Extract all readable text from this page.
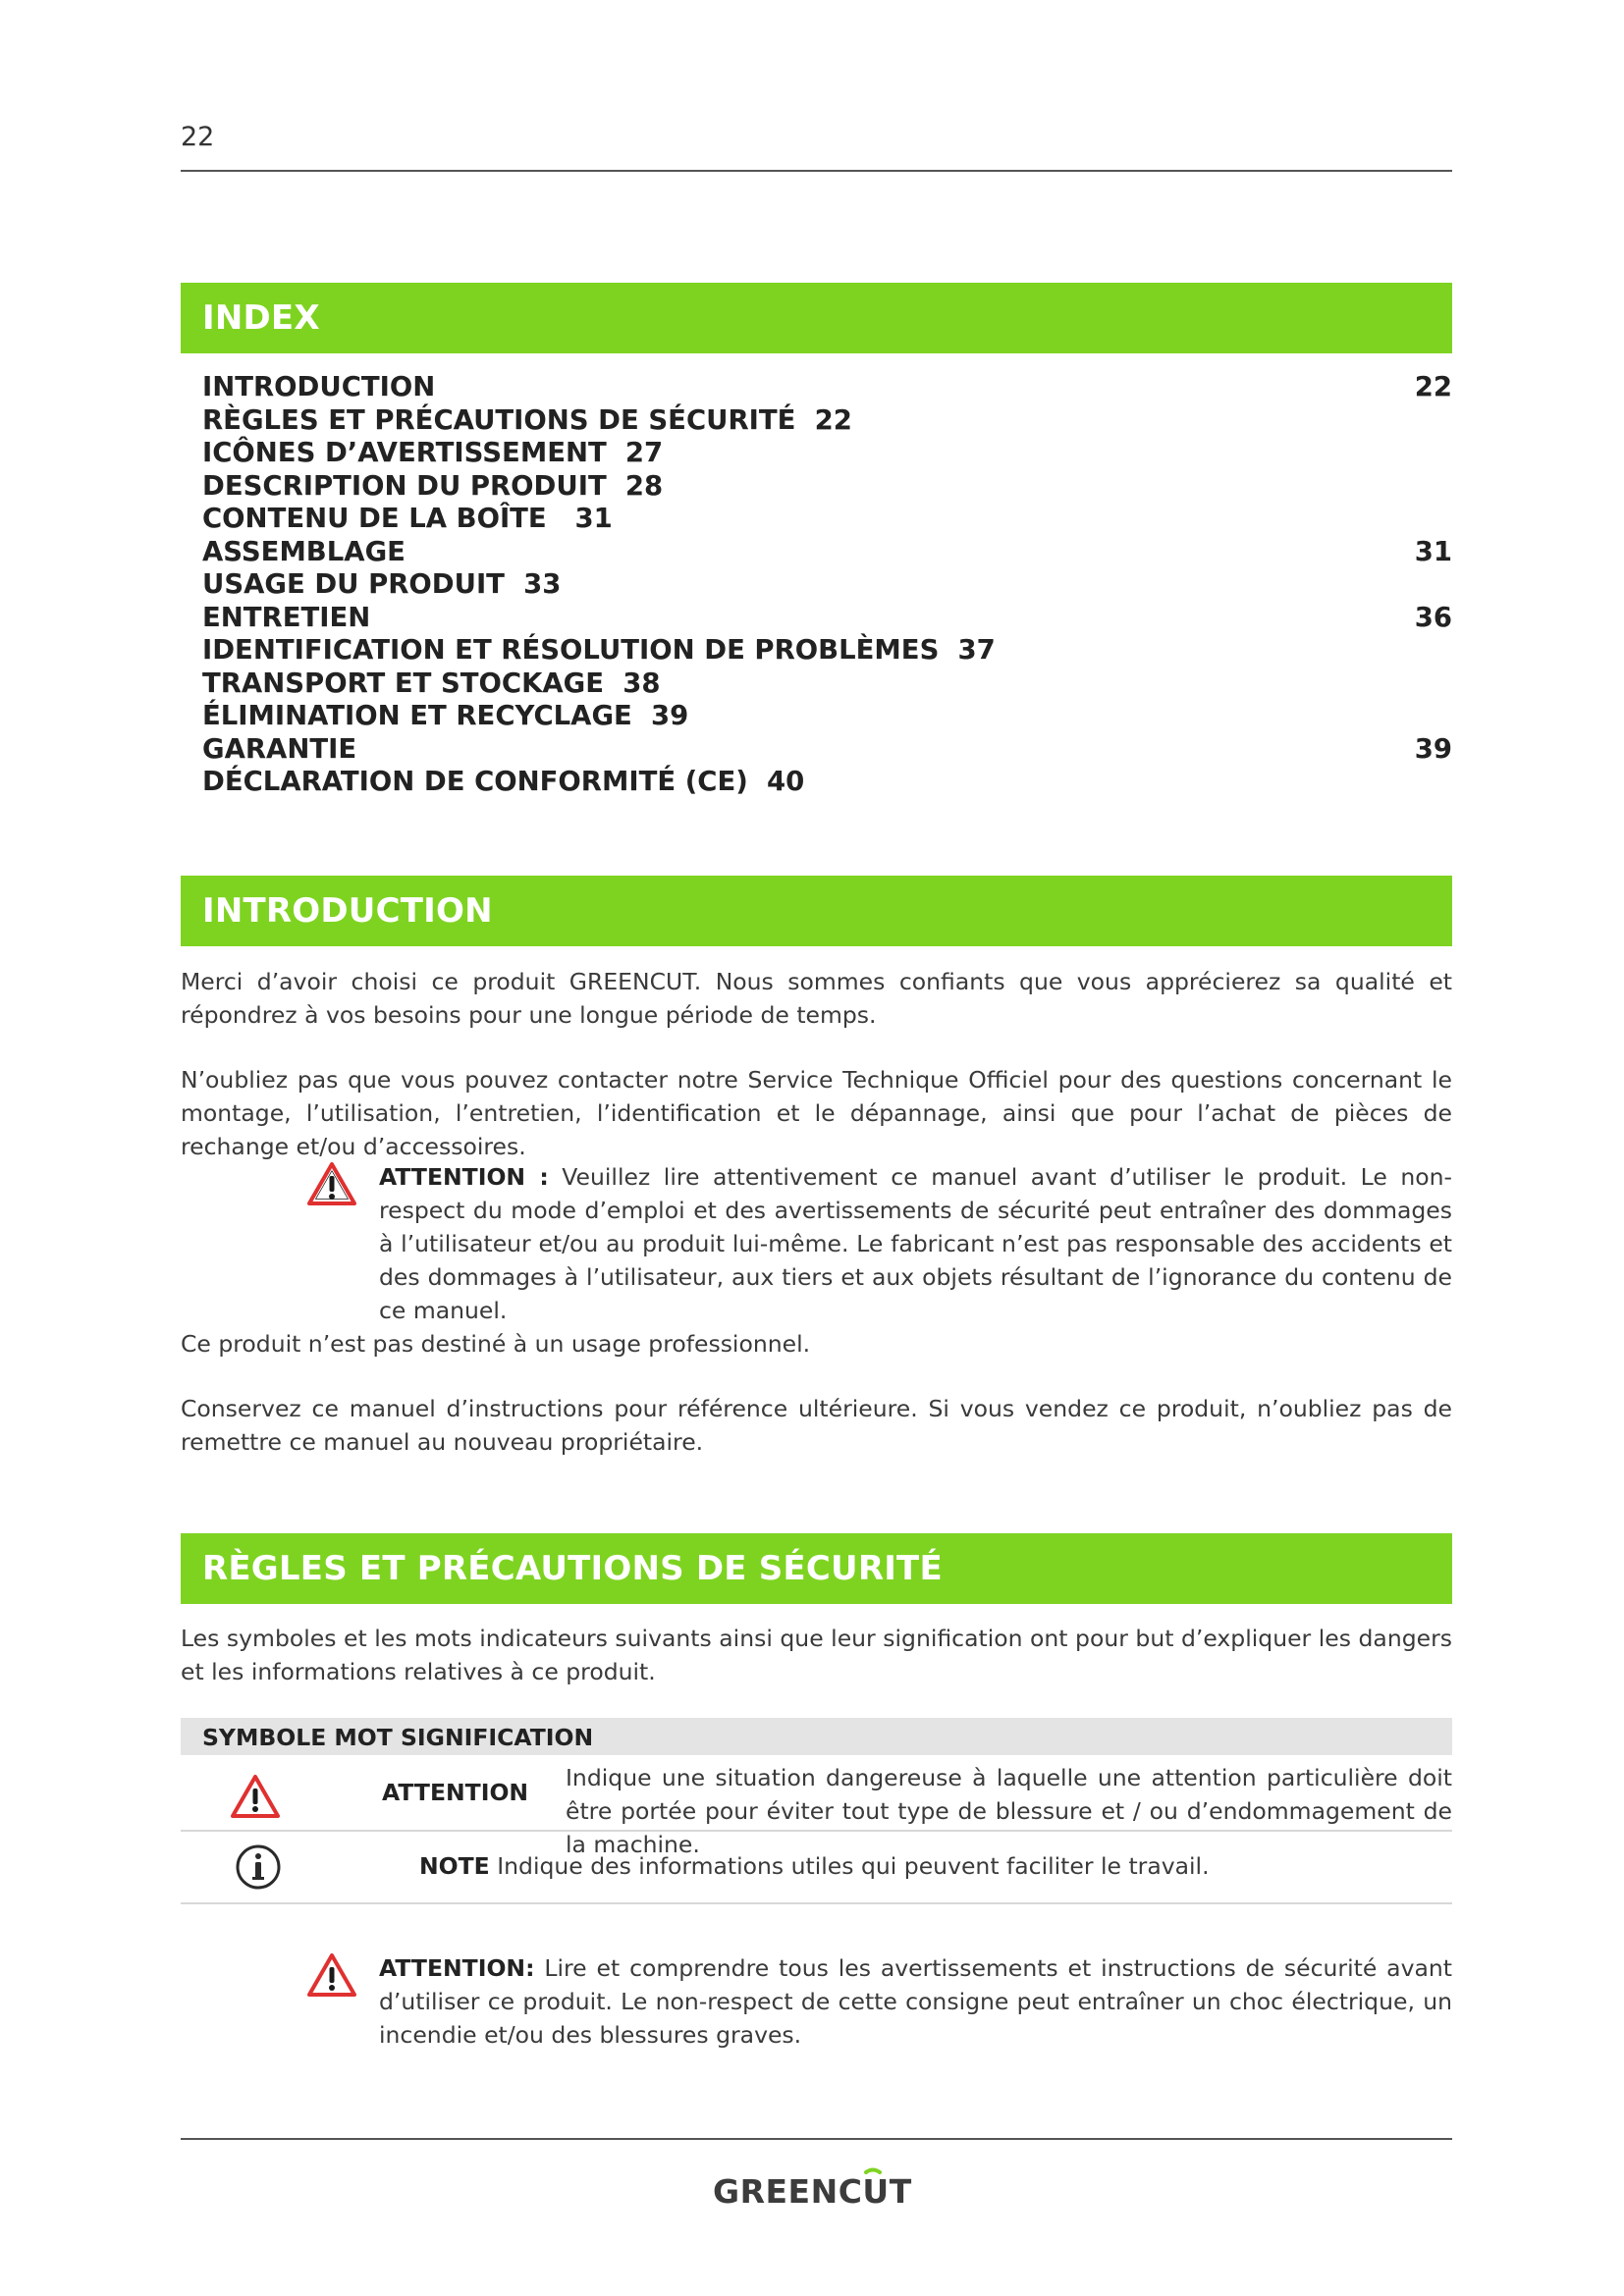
22
INDEX
INTRODUCTION	22
RÈGLES ET PRÉCAUTIONS DE SÉCURITÉ 22
ICÔNES D’AVERTISSEMENT 27
DESCRIPTION DU PRODUIT 28
CONTENU DE LA BOÎTE 31
ASSEMBLAGE	31
USAGE DU PRODUIT 33
ENTRETIEN	36
IDENTIFICATION ET RÉSOLUTION DE PROBLÈMES 37
TRANSPORT ET STOCKAGE 38
ÉLIMINATION ET RECYCLAGE 39
GARANTIE	39
DÉCLARATION DE CONFORMITÉ (CE) 40
INTRODUCTION
Merci d’avoir choisi ce produit GREENCUT. Nous sommes confiants que vous apprécierez sa qualité et répondrez à vos besoins pour une longue période de temps.
N’oubliez pas que vous pouvez contacter notre Service Technique Officiel pour des questions concernant le montage, l’utilisation, l’entretien, l’identification et le dépannage, ainsi que pour l’achat de pièces de rechange et/ou d’accessoires.
ATTENTION : Veuillez lire attentivement ce manuel avant d’utiliser le produit. Le non-respect du mode d’emploi et des avertissements de sécurité peut entraîner des dommages à l’utilisateur et/ou au produit lui-même. Le fabricant n’est pas responsable des accidents et des dommages à l’utilisateur, aux tiers et aux objets résultant de l’ignorance du contenu de ce manuel.
Ce produit n’est pas destiné à un usage professionnel.
Conservez ce manuel d’instructions pour référence ultérieure. Si vous vendez ce produit, n’oubliez pas de remettre ce manuel au nouveau propriétaire.
RÈGLES ET PRÉCAUTIONS DE SÉCURITÉ
Les symboles et les mots indicateurs suivants ainsi que leur signification ont pour but d’expliquer les dangers et les informations relatives à ce produit.
SYMBOLE MOT SIGNIFICATION
ATTENTION
Indique une situation dangereuse à laquelle une attention particulière doit être portée pour éviter tout type de blessure et / ou d’endommagement de la machine.
NOTE Indique des informations utiles qui peuvent faciliter le travail.
ATTENTION: Lire et comprendre tous les avertissements et instructions de sécurité avant d’utiliser ce produit. Le non-respect de cette consigne peut entraîner un choc électrique, un incendie et/ou des blessures graves.
GREENCUT
